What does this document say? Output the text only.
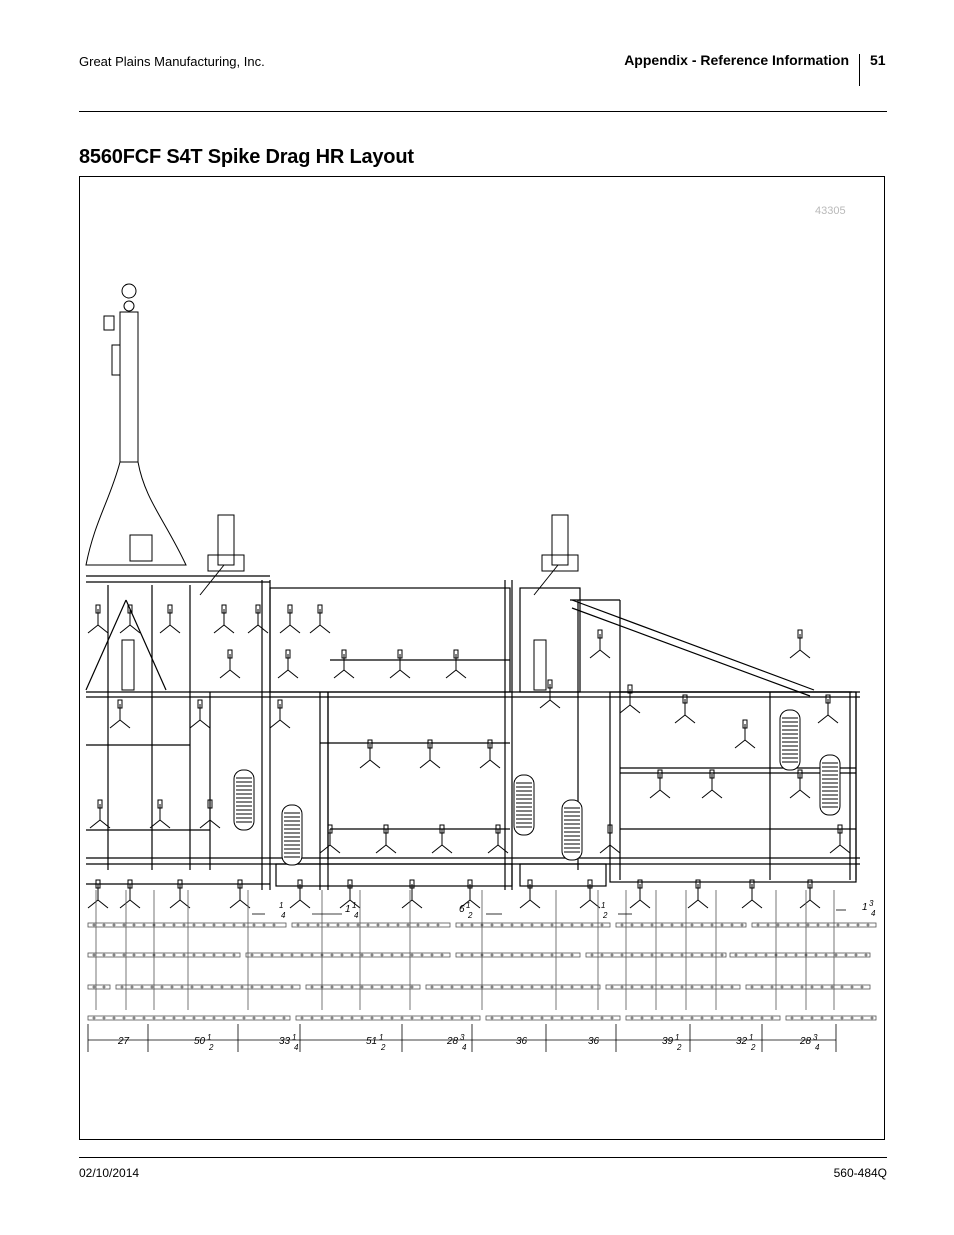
Great Plains Manufacturing, Inc.	Appendix - Reference Information 51
8560FCF S4T Spike Drag HR Layout
43305
1
4
1 1
4
6 1
2
1
2
1 3
4
27	50 1
2
33 1
4
51 1
2
28 3
4
36	36	39 1
2
32 1
2
28 3
4
02/10/2014	560-484Q
